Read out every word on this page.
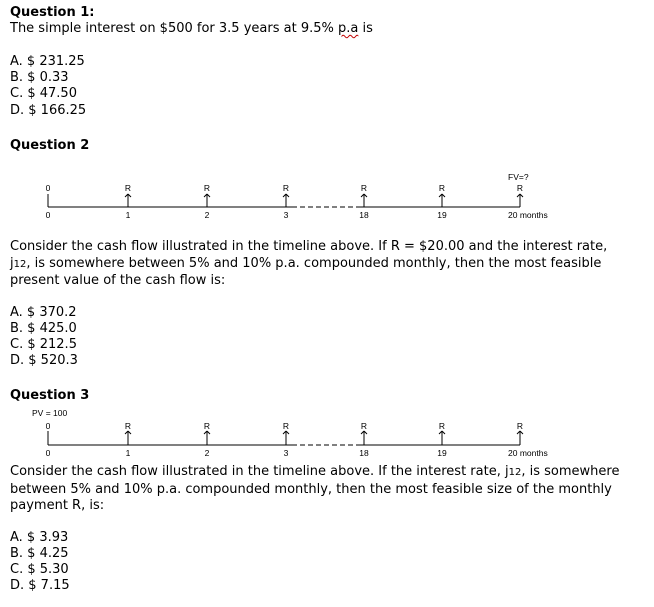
Question 1:
The simple interest on $500 for 3.5 years at 9.5% p.a is
A. $ 231.25
B. $ 0.33
C. $ 47.50
D. $ 166.25
Question 2
FV=?
0	R	R	R	R	R	R
0	1	2	3	18	19	20 months
PV = 100
0	R	R	R	R	R	R
0	1	2	3	18	19	20 months
Consider the cash flow illustrated in the timeline above. If R = $20.00 and the interest rate,
j12, is somewhere between 5% and 10% p.a. compounded monthly, then the most feasible
present value of the cash flow is:
A. $ 370.2
B. $ 425.0
C. $ 212.5
D. $ 520.3
Question 3
Consider the cash flow illustrated in the timeline above. If the interest rate, j12, is somewhere
between 5% and 10% p.a. compounded monthly, then the most feasible size of the monthly
payment R, is:
A. $ 3.93
B. $ 4.25
C. $ 5.30
D. $ 7.15
